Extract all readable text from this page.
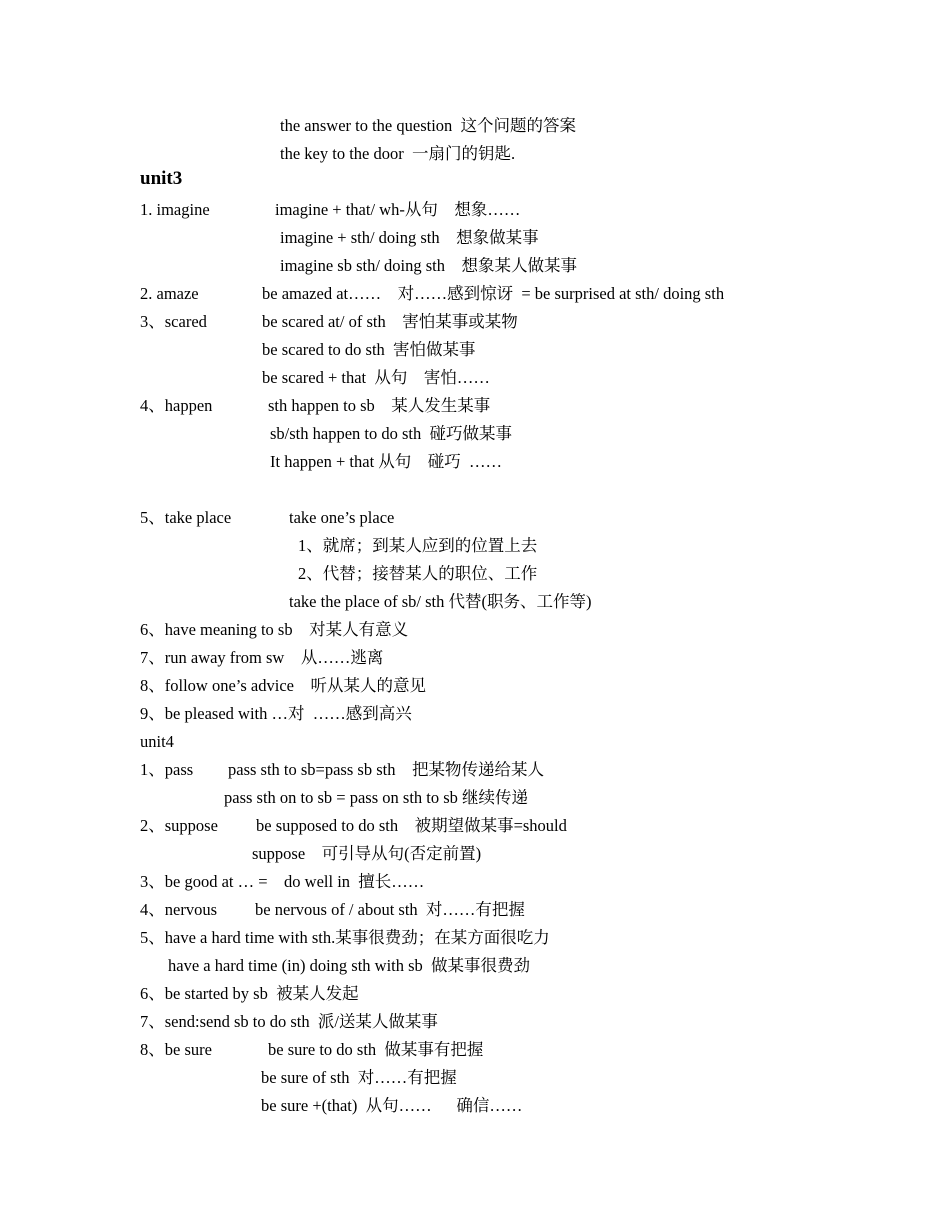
the answer to the question  这个问题的答案
the key to the door  一扇门的钥匙.
unit3
1. imagine	imagine + that/ wh-从句    想象……
imagine + sth/ doing sth    想象做某事
imagine sb sth/ doing sth    想象某人做某事
2. amaze	be amazed at……    对……感到惊讶  = be surprised at sth/ doing sth
3、scared	be scared at/ of sth    害怕某事或某物
be scared to do sth  害怕做某事
be scared + that  从句    害怕……
4、happen	sth happen to sb    某人发生某事
sb/sth happen to do sth  碰巧做某事
It happen + that 从句    碰巧  ……
5、take place	take one’s place
1、就席；到某人应到的位置上去
2、代替；接替某人的职位、工作
take the place of sb/ sth 代替(职务、工作等)
6、have meaning to sb    对某人有意义
7、run away from sw    从……逃离
8、follow one’s advice    听从某人的意见
9、be pleased with …对  ……感到高兴
unit4
1、pass pass sth to sb=pass sb sth    把某物传递给某人
pass sth on to sb = pass on sth to sb 继续传递
2、suppose be supposed to do sth    被期望做某事=should
suppose    可引导从句(否定前置)
3、be good at … =    do well in  擅长……
4、nervous be nervous of / about sth  对……有把握
5、have a hard time with sth.某事很费劲；在某方面很吃力
have a hard time (in) doing sth with sb  做某事很费劲
6、be started by sb  被某人发起
7、send:send sb to do sth  派/送某人做某事
8、be sure	be sure to do sth  做某事有把握
be sure of sth  对……有把握
be sure +(that)  从句……      确信……
